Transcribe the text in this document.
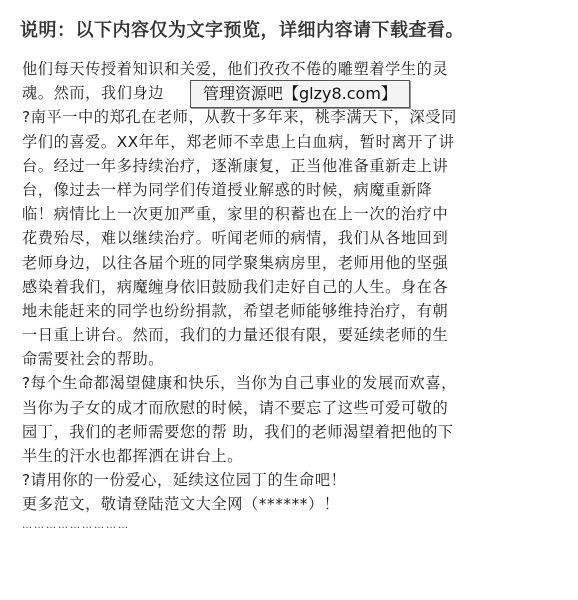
说明：以下内容仅为文字预览，详细内容请下载查看。
他们每天传授着知识和关爱，他们孜孜不倦的雕塑着学生的灵
魂。然而，我们身边
?南平一中的郑孔在老师，从教十多年来，桃李满天下，深受同
学们的喜爱。XX年年，郑老师不幸患上白血病，暂时离开了讲
台。经过一年多持续治疗，逐渐康复，正当他准备重新走上讲
台，像过去一样为同学们传道授业解惑的时候，病魔重新降
临！病情比上一次更加严重，家里的积蓄也在上一次的治疗中
花费殆尽，难以继续治疗。听闻老师的病情，我们从各地回到
老师身边，以往各届个班的同学聚集病房里，老师用他的坚强
感染着我们，病魔缠身依旧鼓励我们走好自己的人生。身在各
地未能赶来的同学也纷纷捐款，希望老师能够维持治疗，有朝
一日重上讲台。然而，我们的力量还很有限，要延续老师的生
命需要社会的帮助。
?每个生命都渴望健康和快乐，当你为自己事业的发展而欢喜，
当你为子女的成才而欣慰的时候，请不要忘了这些可爱可敬的
园丁，我们的老师需要您的帮 助，我们的老师渴望着把他的下
半生的汗水也都挥洒在讲台上。
?请用你的一份爱心，延续这位园丁的生命吧！
更多范文，敬请登陆范文大全网（******）！
………………………
管理资源吧【glzy8.com】
